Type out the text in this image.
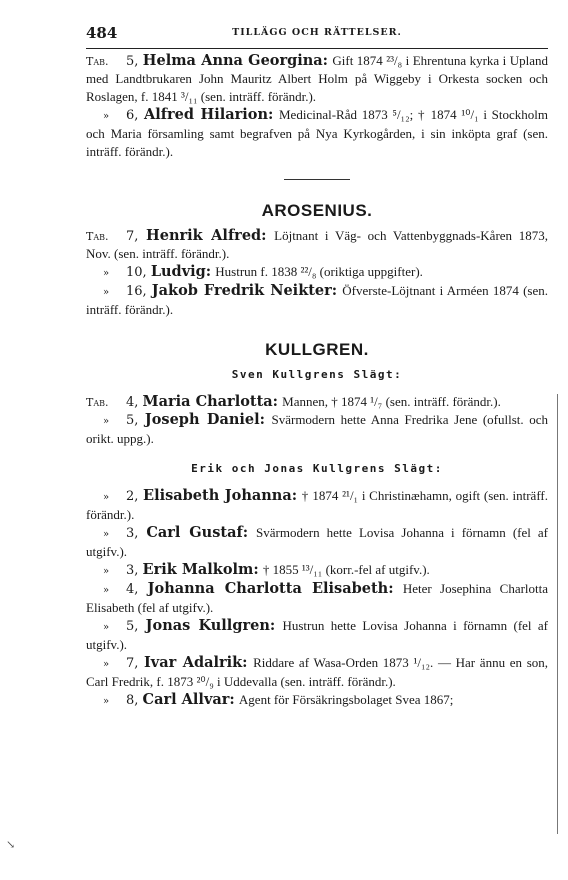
484	TILLÄGG OCH RÄTTELSER.

Tab. 5, Helma Anna Georgina: Gift 1874 ²³/₈ i Ehrentuna kyrka i Upland med Landtbrukaren John Mauritz Albert Holm på Wiggeby i Orkesta socken och Roslagen, f. 1841 ³/₁₁ (sen. inträff. förändr.).

» 6, Alfred Hilarion: Medicinal-Råd 1873 ⁵/₁₂; † 1874 ¹⁰/₁ i Stockholm och Maria församling samt begrafven på Nya Kyrkogården, i sin inköpta graf (sen. inträff. förändr.).

AROSENIUS.

Tab. 7, Henrik Alfred: Löjtnant i Väg- och Vattenbyggnads-Kåren 1873, Nov. (sen. inträff. förändr.).

» 10, Ludvig: Hustrun f. 1838 ²²/₈ (oriktiga uppgifter).

» 16, Jakob Fredrik Neikter: Öfverste-Löjtnant i Arméen 1874 (sen. inträff. förändr.).

KULLGREN.
Sven Kullgrens Slägt:

Tab. 4, Maria Charlotta: Mannen, † 1874 ¹/₇ (sen. inträff. förändr.).

» 5, Joseph Daniel: Svärmodern hette Anna Fredrika Jene (ofullst. och orikt. uppg.).

Erik och Jonas Kullgrens Slägt:

» 2, Elisabeth Johanna: † 1874 ²¹/₁ i Christinæhamn, ogift (sen. inträff. förändr.).

» 3, Carl Gustaf: Svärmodern hette Lovisa Johanna i förnamn (fel af utgifv.).

» 3, Erik Malkolm: † 1855 ¹³/₁₁ (korr.-fel af utgifv.).

» 4, Johanna Charlotta Elisabeth: Heter Josephina Charlotta Elisabeth (fel af utgifv.).

» 5, Jonas Kullgren: Hustrun hette Lovisa Johanna i förnamn (fel af utgifv.).

» 7, Ivar Adalrik: Riddare af Wasa-Orden 1873 ¹/₁₂. — Har ännu en son, Carl Fredrik, f. 1873 ²⁰/₉ i Uddevalla (sen. inträff. förändr.).

» 8, Carl Allvar: Agent för Försäkringsbolaget Svea 1867;

↘
